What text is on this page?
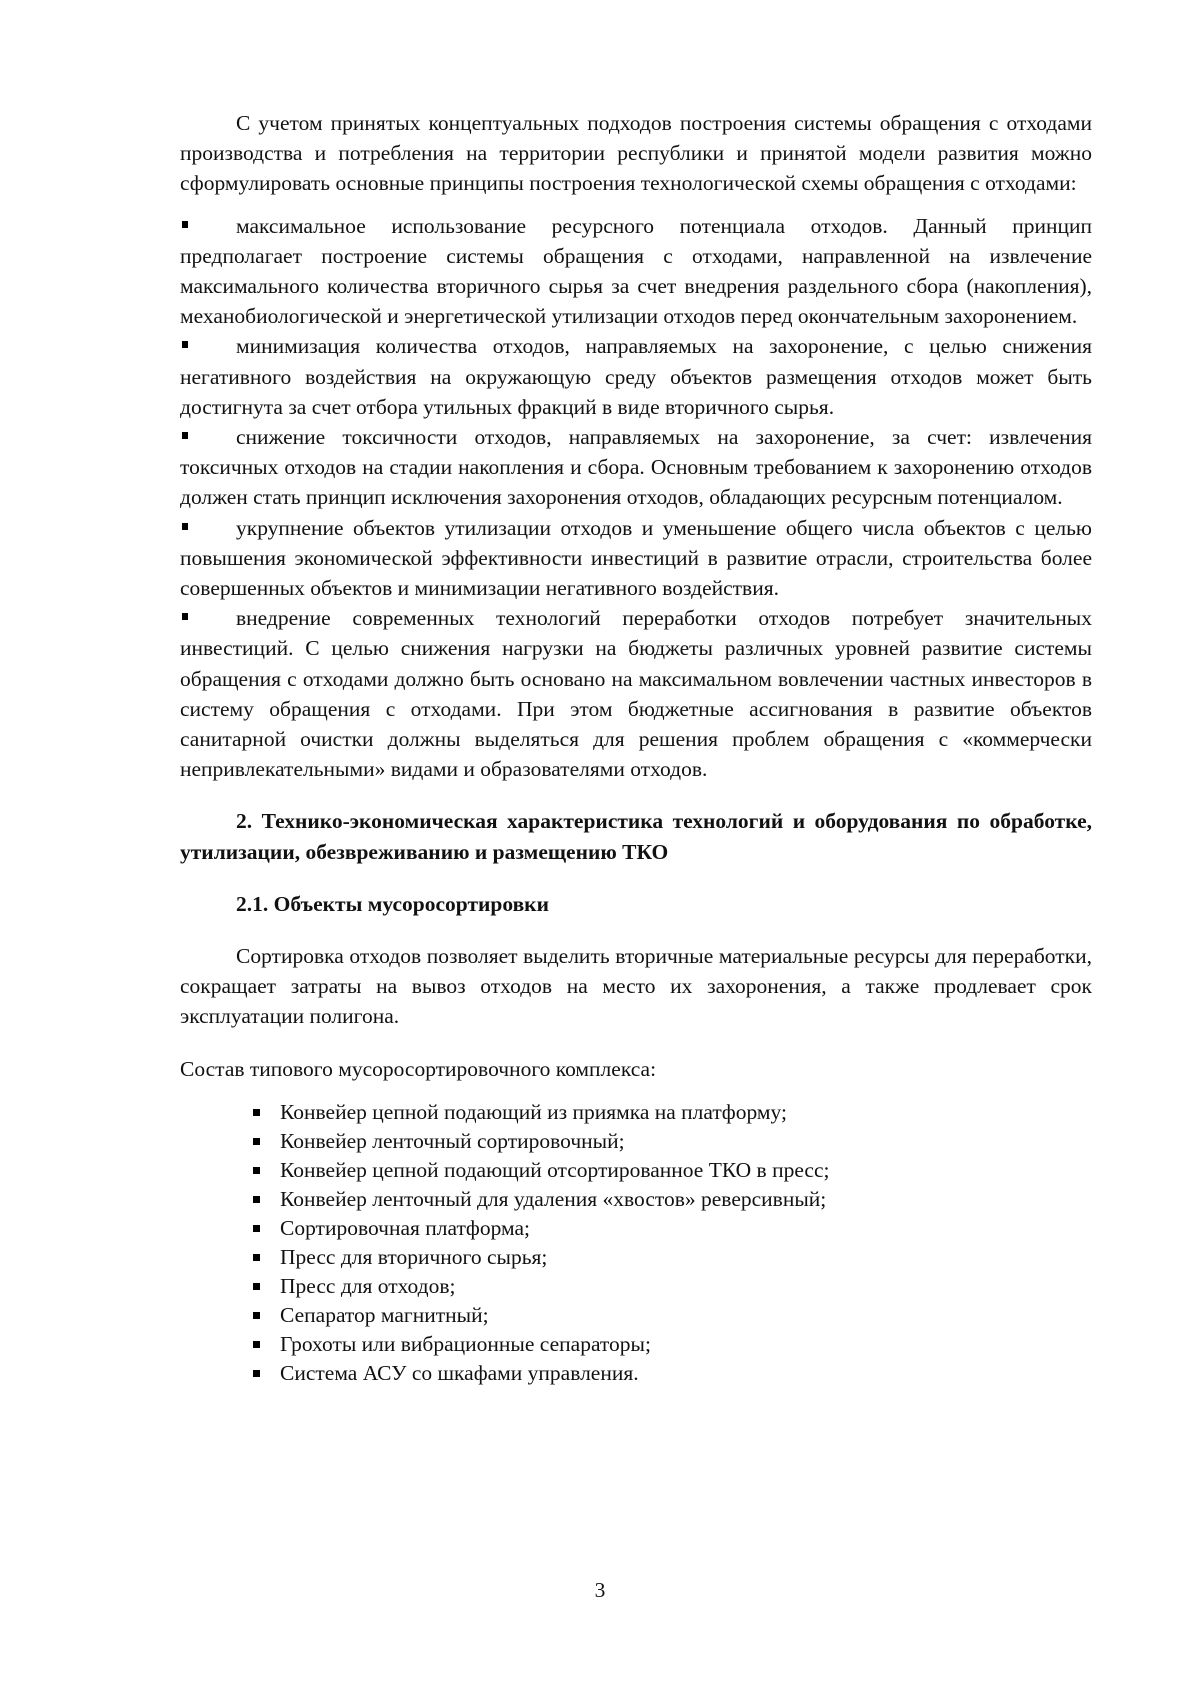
С учетом принятых концептуальных подходов построения системы обращения с отходами производства и потребления на территории республики и принятой модели развития можно сформулировать основные принципы построения технологической схемы обращения с отходами:

максимальное использование ресурсного потенциала отходов. Данный принцип предполагает построение системы обращения с отходами, направленной на извлечение максимального количества вторичного сырья за счет внедрения раздельного сбора (накопления), механобиологической и энергетической утилизации отходов перед окончательным захоронением.

минимизация количества отходов, направляемых на захоронение, с целью снижения негативного воздействия на окружающую среду объектов размещения отходов может быть достигнута за счет отбора утильных фракций в виде вторичного сырья.

снижение токсичности отходов, направляемых на захоронение, за счет: извлечения токсичных отходов на стадии накопления и сбора. Основным требованием к захоронению отходов должен стать принцип исключения захоронения отходов, обладающих ресурсным потенциалом.

укрупнение объектов утилизации отходов и уменьшение общего числа объектов с целью повышения экономической эффективности инвестиций в развитие отрасли, строительства более совершенных объектов и минимизации негативного воздействия.

внедрение современных технологий переработки отходов потребует значительных инвестиций. С целью снижения нагрузки на бюджеты различных уровней развитие системы обращения с отходами должно быть основано на максимальном вовлечении частных инвесторов в систему обращения с отходами. При этом бюджетные ассигнования в развитие объектов санитарной очистки должны выделяться для решения проблем обращения с «коммерчески непривлекательными» видами и образователями отходов.

2. Технико-экономическая характеристика технологий и оборудования по обработке, утилизации, обезвреживанию и размещению ТКО
2.1. Объекты мусоросортировки

Сортировка отходов позволяет выделить вторичные материальные ресурсы для переработки, сокращает затраты на вывоз отходов на место их захоронения, а также продлевает срок эксплуатации полигона.

Состав типового мусоросортировочного комплекса:

Конвейер цепной подающий из приямка на платформу;
Конвейер ленточный сортировочный;
Конвейер цепной подающий отсортированное ТКО в пресс;
Конвейер ленточный для удаления «хвостов» реверсивный;
Сортировочная платформа;
Пресс для вторичного сырья;
Пресс для отходов;
Сепаратор магнитный;
Грохоты или вибрационные сепараторы;
Система АСУ со шкафами управления.
3
